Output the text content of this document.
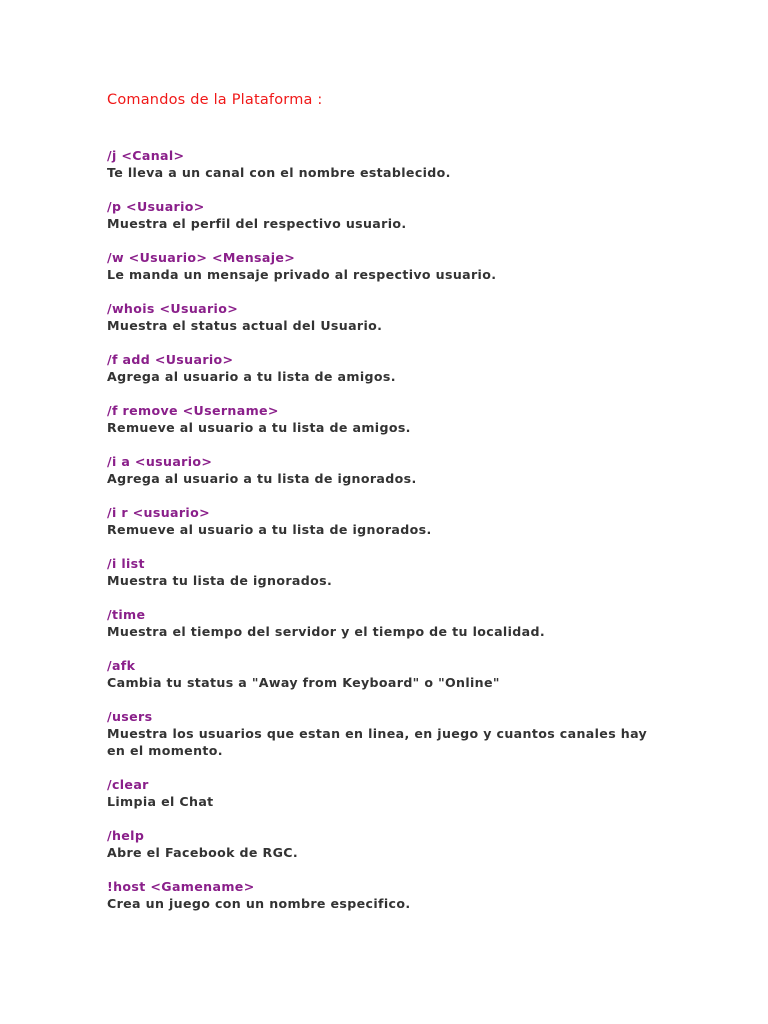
Comandos de la Plataforma :
/j <Canal>
Te lleva a un canal con el nombre establecido.
/p <Usuario>
Muestra el perfil del respectivo usuario.
/w <Usuario> <Mensaje>
Le manda un mensaje privado al respectivo usuario.
/whois <Usuario>
Muestra el status actual del Usuario.
/f add <Usuario>
Agrega al usuario a tu lista de amigos.
/f remove <Username>
Remueve al usuario a tu lista de amigos.
/i a <usuario>
Agrega al usuario a tu lista de ignorados.
/i r <usuario>
Remueve al usuario a tu lista de ignorados.
/i list
Muestra tu lista de ignorados.
/time
Muestra el tiempo del servidor y el tiempo de tu localidad.
/afk
Cambia tu status a "Away from Keyboard" o "Online"
/users
Muestra los usuarios que estan en linea, en juego y cuantos canales hay en el momento.
/clear
Limpia el Chat
/help
Abre el Facebook de RGC.
!host <Gamename>
Crea un juego con un nombre especifico.
